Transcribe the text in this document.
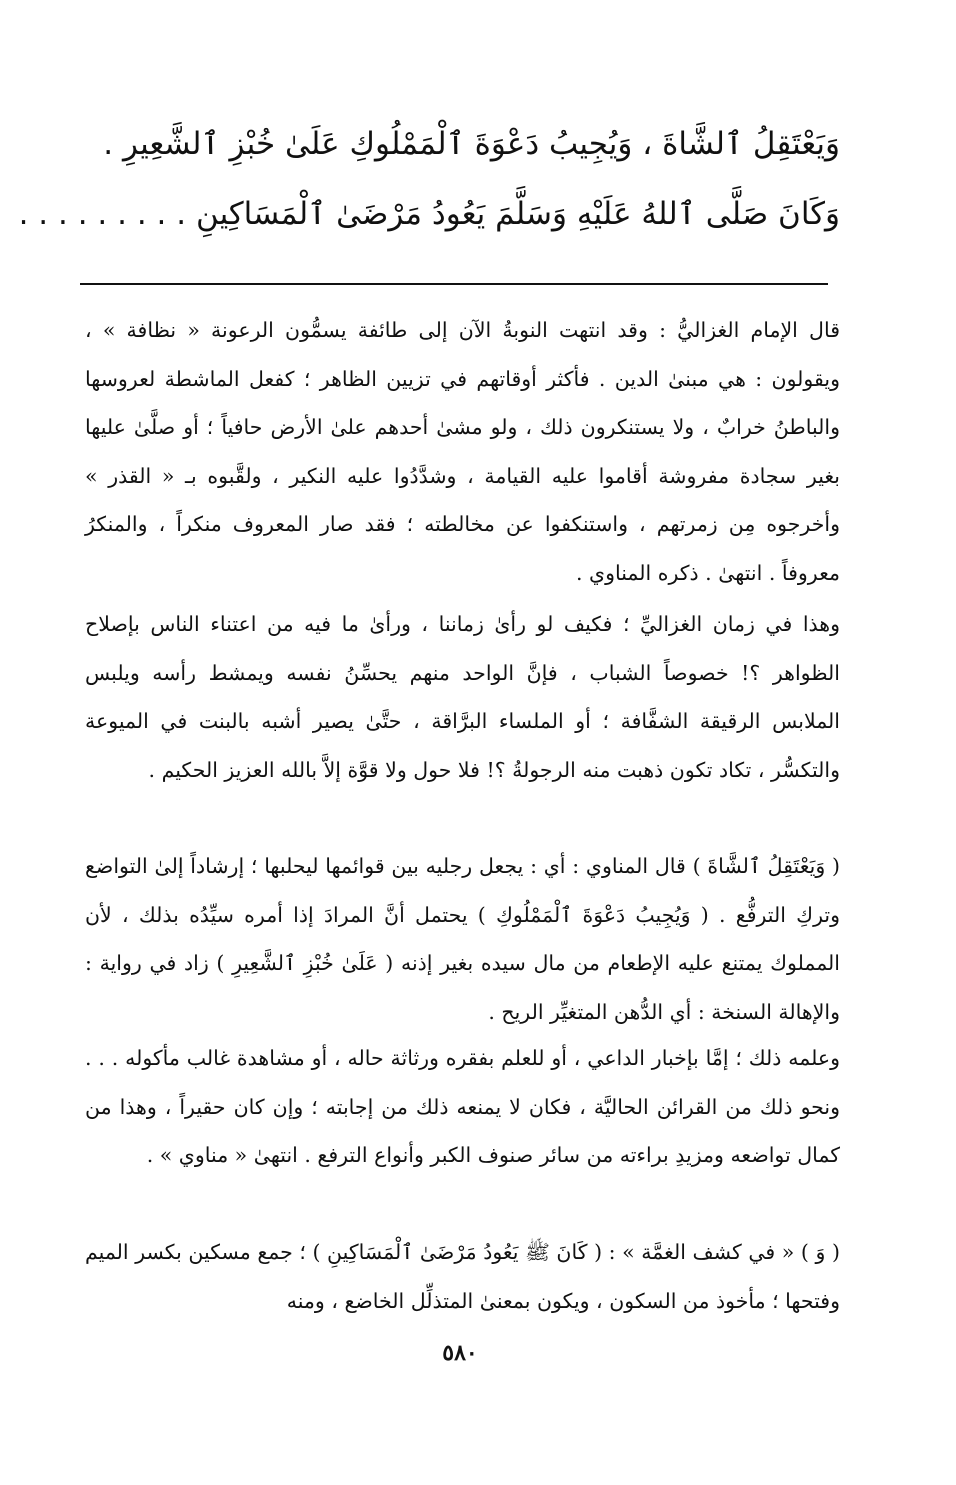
وَيَعْتَقِلُ ٱلشَّاةَ ، وَيُجِيبُ دَعْوَةَ ٱلْمَمْلُوكِ عَلَىٰ خُبْزِ ٱلشَّعِيرِ .
وَكَانَ صَلَّى ٱللهُ عَلَيْهِ وَسَلَّمَ يَعُودُ مَرْضَىٰ ٱلْمَسَاكِينِ . . . . . . . . .

قال الإمام الغزاليُّ : وقد انتهت النوبةُ الآن إلى طائفة يسمُّون الرعونة « نظافة » ، ويقولون : هي مبنىٰ الدين . فأكثر أوقاتهم في تزيين الظاهر ؛ كفعل الماشطة لعروسها والباطنُ خرابٌ ، ولا يستنكرون ذلك ، ولو مشىٰ أحدهم علىٰ الأرض حافياً ؛ أو صلَّىٰ عليها بغير سجادة مفروشة أقاموا عليه القيامة ، وشدَّدُوا عليه النكير ، ولقَّبوه بـ « القذر » وأخرجوه مِن زمرتهم ، واستنكفوا عن مخالطته ؛ فقد صار المعروف منكراً ، والمنكرُ معروفاً . انتهىٰ . ذكره المناوي .

وهذا في زمان الغزاليِّ ؛ فكيف لو رأىٰ زماننا ، ورأىٰ ما فيه من اعتناء الناس بإصلاح الظواهر ؟! خصوصاً الشباب ، فإنَّ الواحد منهم يحسِّنُ نفسه ويمشط رأسه ويلبس الملابس الرقيقة الشفَّافة ؛ أو الملساء البرَّاقة ، حتَّىٰ يصير أشبه بالبنت في الميوعة والتكسُّر ، تكاد تكون ذهبت منه الرجولةُ ؟! فلا حول ولا قوَّة إلاَّ بالله العزيز الحكيم .

( وَيَعْتَقِلُ ٱلشَّاةَ ) قال المناوي : أي : يجعل رجليه بين قوائمها ليحلبها ؛ إرشاداً إلىٰ التواضع وتركِ الترفُّع . ( وَيُجِيبُ دَعْوَةَ ٱلْمَمْلُوكِ ) يحتمل أنَّ المرادَ إذا أمره سيِّدُه بذلك ، لأن المملوك يمتنع عليه الإطعام من مال سيده بغير إذنه ( عَلَىٰ خُبْزِ ٱلشَّعِيرِ ) زاد في رواية : والإهالة السنخة : أي الدُّهن المتغيِّر الريح .

وعلمه ذلك ؛ إمَّا بإخبار الداعي ، أو للعلم بفقره ورثاثة حاله ، أو مشاهدة غالب مأكوله . . . ونحو ذلك من القرائن الحاليَّة ، فكان لا يمنعه ذلك من إجابته ؛ وإن كان حقيراً ، وهذا من كمال تواضعه ومزيدِ براءته من سائر صنوف الكبر وأنواع الترفع . انتهىٰ « مناوي » .

( وَ ) « في كشف الغمَّة » : ( كَانَ ﷺ يَعُودُ مَرْضَىٰ ٱلْمَسَاكِينِ ) ؛ جمع مسكين بكسر الميم وفتحها ؛ مأخوذ من السكون ، ويكون بمعنىٰ المتذلِّل الخاضع ، ومنه

٥٨٠
